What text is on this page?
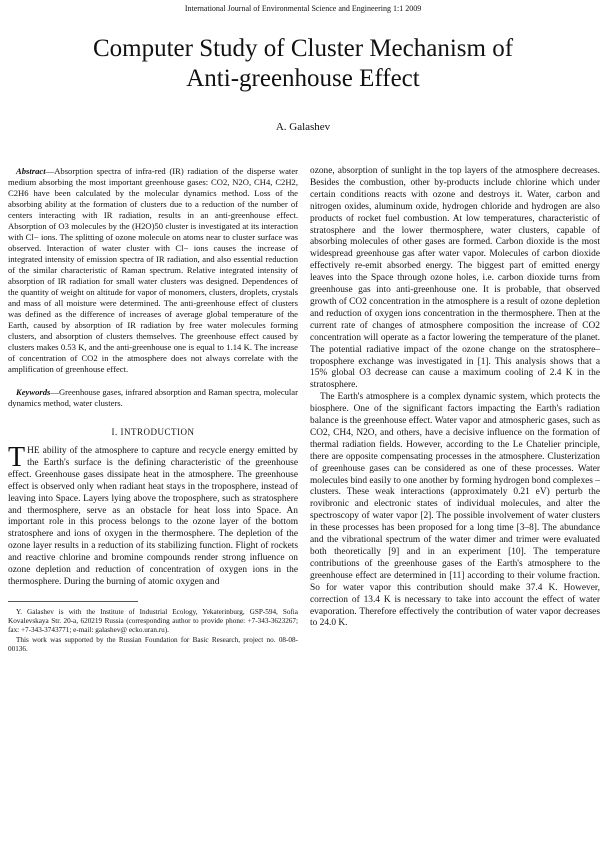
International Journal of Environmental Science and Engineering 1:1 2009
Computer Study of Cluster Mechanism of
Anti-greenhouse Effect
A. Galashev

Abstract—Absorption spectra of infra-red (IR) radiation of the disperse water medium absorbing the most important greenhouse gases: CO2, N2O, CH4, C2H2, C2H6 have been calculated by the molecular dynamics method. Loss of the absorbing ability at the formation of clusters due to a reduction of the number of centers interacting with IR radiation, results in an anti-greenhouse effect. Absorption of O3 molecules by the (H2O)50 cluster is investigated at its interaction with Cl− ions. The splitting of ozone molecule on atoms near to cluster surface was observed. Interaction of water cluster with Cl− ions causes the increase of integrated intensity of emission spectra of IR radiation, and also essential reduction of the similar characteristic of Raman spectrum. Relative integrated intensity of absorption of IR radiation for small water clusters was designed. Dependences of the quantity of weight on altitude for vapor of monomers, clusters, droplets, crystals and mass of all moisture were determined. The anti-greenhouse effect of clusters was defined as the difference of increases of average global temperature of the Earth, caused by absorption of IR radiation by free water molecules forming clusters, and absorption of clusters themselves. The greenhouse effect caused by clusters makes 0.53 K, and the anti-greenhouse one is equal to 1.14 K. The increase of concentration of CO2 in the atmosphere does not always correlate with the amplification of greenhouse effect.

Keywords—Greenhouse gases, infrared absorption and Raman spectra, molecular dynamics method, water clusters.

I. INTRODUCTION

THE ability of the atmosphere to capture and recycle energy emitted by the Earth's surface is the defining characteristic of the greenhouse effect. Greenhouse gases dissipate heat in the atmosphere. The greenhouse effect is observed only when radiant heat stays in the troposphere, instead of leaving into Space. Layers lying above the troposphere, such as stratosphere and thermosphere, serve as an obstacle for heat loss into Space. An important role in this process belongs to the ozone layer of the bottom stratosphere and ions of oxygen in the thermosphere. The depletion of the ozone layer results in a reduction of its stabilizing function. Flight of rockets and reactive chlorine and bromine compounds render strong influence on ozone depletion and reduction of concentration of oxygen ions in the thermosphere. During the burning of atomic oxygen and

Y. Galashev is with the Institute of Industrial Ecology, Yekaterinburg, GSP-594, Sofia Kovalevskaya Str. 20-a, 620219 Russia (corresponding author to provide phone: +7-343-3623267; fax: +7-343-3743771; e-mail: galashev@ ecko.uran.ru).

This work was supported by the Russian Foundation for Basic Research, project no. 08-08-00136.

ozone, absorption of sunlight in the top layers of the atmosphere decreases. Besides the combustion, other by-products include chlorine which under certain conditions reacts with ozone and destroys it. Water, carbon and nitrogen oxides, aluminum oxide, hydrogen chloride and hydrogen are also products of rocket fuel combustion. At low temperatures, characteristic of stratosphere and the lower thermosphere, water clusters, capable of absorbing molecules of other gases are formed. Carbon dioxide is the most widespread greenhouse gas after water vapor. Molecules of carbon dioxide effectively re-emit absorbed energy. The biggest part of emitted energy leaves into the Space through ozone holes, i.e. carbon dioxide turns from greenhouse gas into anti-greenhouse one. It is probable, that observed growth of CO2 concentration in the atmosphere is a result of ozone depletion and reduction of oxygen ions concentration in the thermosphere. Then at the current rate of changes of atmosphere composition the increase of CO2 concentration will operate as a factor lowering the temperature of the planet. The potential radiative impact of the ozone change on the stratosphere–troposphere exchange was investigated in [1]. This analysis shows that a 15% global O3 decrease can cause a maximum cooling of 2.4 K in the stratosphere.

The Earth's atmosphere is a complex dynamic system, which protects the biosphere. One of the significant factors impacting the Earth's radiation balance is the greenhouse effect. Water vapor and atmospheric gases, such as CO2, CH4, N2O, and others, have a decisive influence on the formation of thermal radiation fields. However, according to the Le Chatelier principle, there are opposite compensating processes in the atmosphere. Clusterization of greenhouse gases can be considered as one of these processes. Water molecules bind easily to one another by forming hydrogen bond complexes – clusters. These weak interactions (approximately 0.21 eV) perturb the rovibronic and electronic states of individual molecules, and alter the spectroscopy of water vapor [2]. The possible involvement of water clusters in these processes has been proposed for a long time [3–8]. The abundance and the vibrational spectrum of the water dimer and trimer were evaluated both theoretically [9] and in an experiment [10]. The temperature contributions of the greenhouse gases of the Earth's atmosphere to the greenhouse effect are determined in [11] according to their volume fraction. So for water vapor this contribution should make 37.4 K. However, correction of 13.4 K is necessary to take into account the effect of water evaporation. Therefore effectively the contribution of water vapor decreases to 24.0 K.
